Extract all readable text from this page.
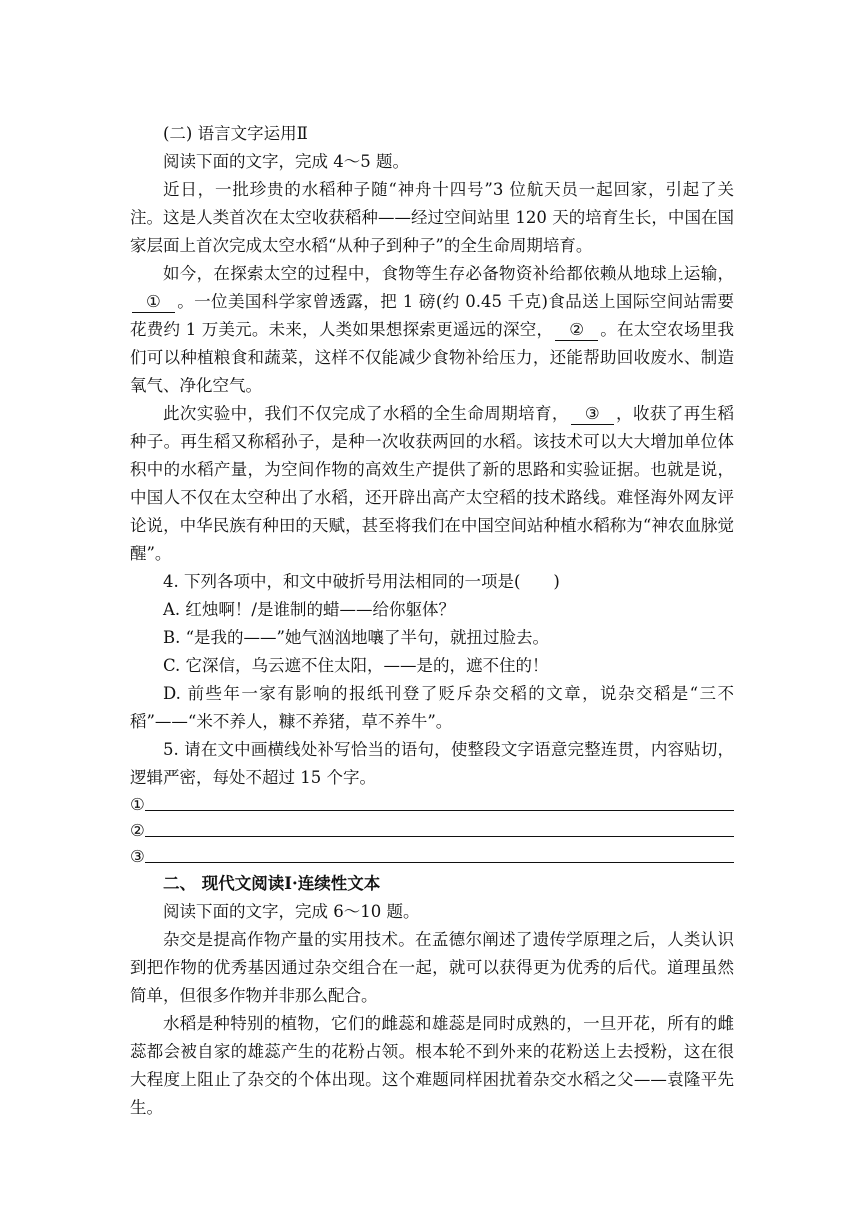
(二) 语言文字运用Ⅱ

阅读下面的文字，完成 4～5 题。

近日，一批珍贵的水稻种子随“神舟十四号”3 位航天员一起回家，引起了关注。这是人类首次在太空收获稻种——经过空间站里 120 天的培育生长，中国在国家层面上首次完成太空水稻“从种子到种子”的全生命周期培育。

如今，在探索太空的过程中，食物等生存必备物资补给都依赖从地球上运输，① 。一位美国科学家曾透露，把 1 磅(约 0.45 千克)食品送上国际空间站需要花费约 1 万美元。未来，人类如果想探索更遥远的深空， ② 。在太空农场里我们可以种植粮食和蔬菜，这样不仅能减少食物补给压力，还能帮助回收废水、制造氧气、净化空气。

此次实验中，我们不仅完成了水稻的全生命周期培育， ③ ，收获了再生稻种子。再生稻又称稻孙子，是种一次收获两回的水稻。该技术可以大大增加单位体积中的水稻产量，为空间作物的高效生产提供了新的思路和实验证据。也就是说，中国人不仅在太空种出了水稻，还开辟出高产太空稻的技术路线。难怪海外网友评论说，中华民族有种田的天赋，甚至将我们在中国空间站种植水稻称为“神农血脉觉醒”。

4. 下列各项中，和文中破折号用法相同的一项是(　　)

A. 红烛啊！/是谁制的蜡——给你躯体？

B. “是我的——”她气汹汹地嚷了半句，就扭过脸去。

C. 它深信，乌云遮不住太阳，——是的，遮不住的！

D. 前些年一家有影响的报纸刊登了贬斥杂交稻的文章，说杂交稻是“三不稻”——“米不养人，糠不养猪，草不养牛”。

5. 请在文中画横线处补写恰当的语句，使整段文字语意完整连贯，内容贴切，逻辑严密，每处不超过 15 个字。

①
②
③

二、 现代文阅读Ⅰ·连续性文本

阅读下面的文字，完成 6～10 题。

杂交是提高作物产量的实用技术。在孟德尔阐述了遗传学原理之后，人类认识到把作物的优秀基因通过杂交组合在一起，就可以获得更为优秀的后代。道理虽然简单，但很多作物并非那么配合。

水稻是种特别的植物，它们的雌蕊和雄蕊是同时成熟的，一旦开花，所有的雌蕊都会被自家的雄蕊产生的花粉占领。根本轮不到外来的花粉送上去授粉，这在很大程度上阻止了杂交的个体出现。这个难题同样困扰着杂交水稻之父——袁隆平先生。
